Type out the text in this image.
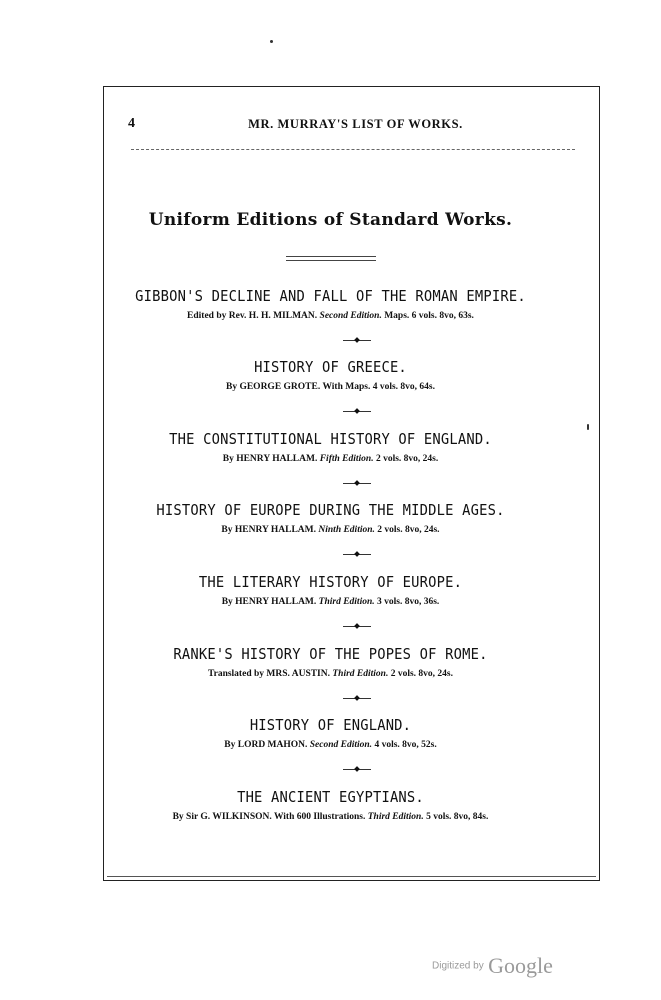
4	MR. MURRAY'S LIST OF WORKS.
Uniform Editions of Standard Works.
GIBBON'S DECLINE AND FALL OF THE ROMAN EMPIRE.
Edited by Rev. H. H. MILMAN. Second Edition. Maps. 6 vols. 8vo, 63s.
HISTORY OF GREECE.
By GEORGE GROTE. With Maps. 4 vols. 8vo, 64s.
THE CONSTITUTIONAL HISTORY OF ENGLAND.
By HENRY HALLAM. Fifth Edition. 2 vols. 8vo, 24s.
HISTORY OF EUROPE DURING THE MIDDLE AGES.
By HENRY HALLAM. Ninth Edition. 2 vols. 8vo, 24s.
THE LITERARY HISTORY OF EUROPE.
By HENRY HALLAM. Third Edition. 3 vols. 8vo, 36s.
RANKE'S HISTORY OF THE POPES OF ROME.
Translated by MRS. AUSTIN. Third Edition. 2 vols. 8vo, 24s.
HISTORY OF ENGLAND.
By LORD MAHON. Second Edition. 4 vols. 8vo, 52s.
THE ANCIENT EGYPTIANS.
By Sir G. WILKINSON. With 600 Illustrations. Third Edition. 5 vols. 8vo, 84s.
Digitized by Google
